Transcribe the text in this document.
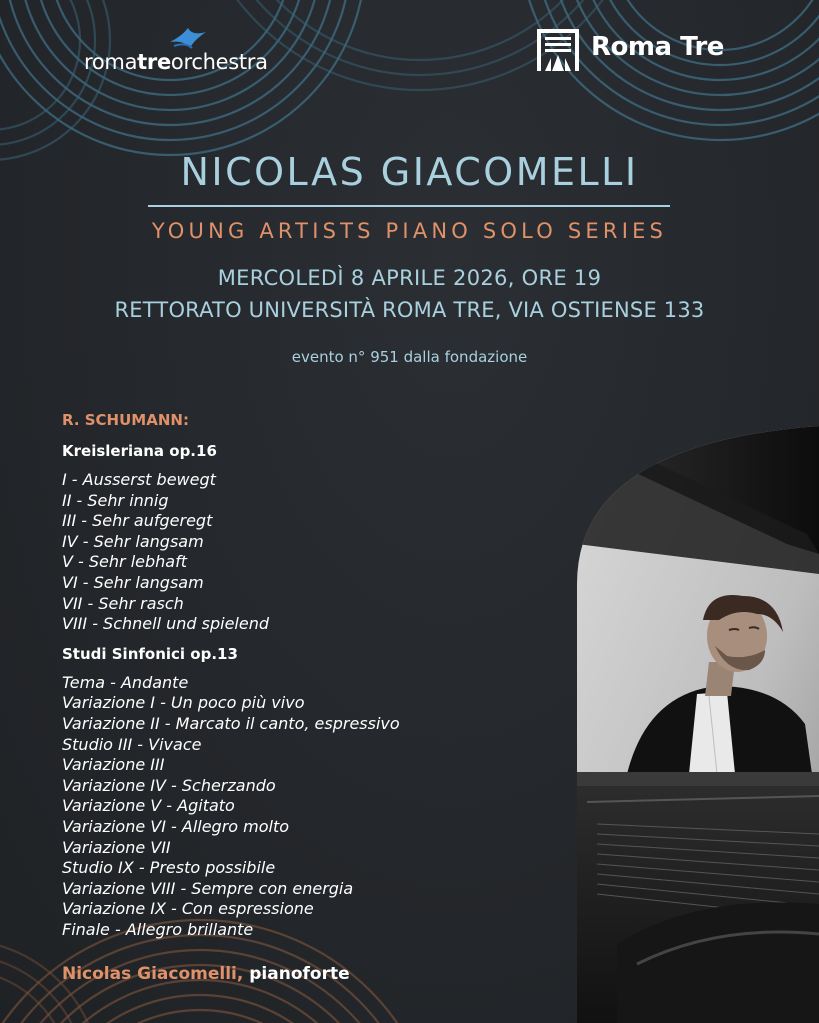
romatreorchestra	Roma Tre
NICOLAS GIACOMELLI
YOUNG ARTISTS PIANO SOLO SERIES
MERCOLEDÌ 8 APRILE 2026, ORE 19
RETTORATO UNIVERSITÀ ROMA TRE, VIA OSTIENSE 133
evento n° 951 dalla fondazione
R. SCHUMANN:
Kreisleriana op.16
I - Ausserst bewegt
II - Sehr innig
III - Sehr aufgeregt
IV - Sehr langsam
V - Sehr lebhaft
VI - Sehr langsam
VII - Sehr rasch
VIII - Schnell und spielend
Studi Sinfonici op.13
Tema - Andante
Variazione I - Un poco più vivo
Variazione II - Marcato il canto, espressivo
Studio III - Vivace
Variazione III
Variazione IV - Scherzando
Variazione V - Agitato
Variazione VI - Allegro molto
Variazione VII
Studio IX - Presto possibile
Variazione VIII - Sempre con energia
Variazione IX - Con espressione
Finale - Allegro brillante
Nicolas Giacomelli, pianoforte
